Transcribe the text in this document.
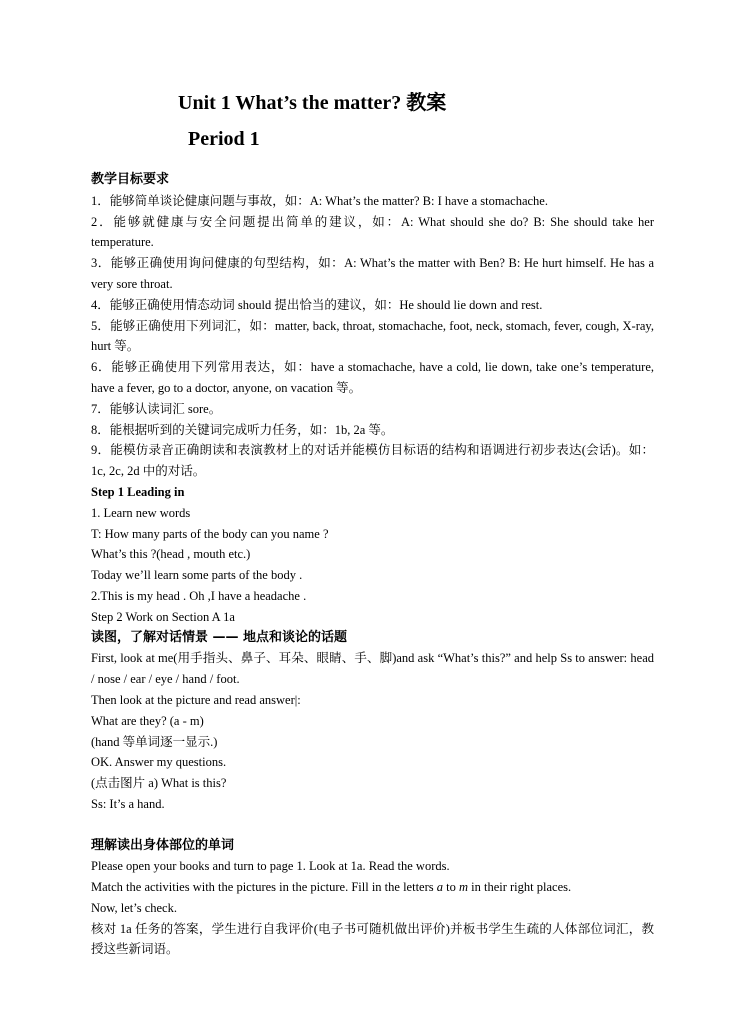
Unit 1 What’s the matter? 教案
Period 1
教学目标要求
1．能够简单谈论健康问题与事故，如：A: What’s the matter? B: I have a stomachache.
2．能够就健康与安全问题提出简单的建议，如：A: What should she do? B: She should take her temperature.
3．能够正确使用询问健康的句型结构，如：A: What’s the matter with Ben? B: He hurt himself. He has a very sore throat.
4．能够正确使用情态动词 should 提出恰当的建议，如：He should lie down and rest.
5．能够正确使用下列词汇，如：matter, back, throat, stomachache, foot, neck, stomach, fever, cough, X-ray, hurt 等。
6．能够正确使用下列常用表达，如：have a stomachache, have a cold, lie down, take one’s temperature, have a fever, go to a doctor, anyone, on vacation 等。
7．能够认读词汇 sore。
8．能根据听到的关键词完成听力任务，如：1b, 2a 等。
9．能模仿录音正确朗读和表演教材上的对话并能模仿目标语的结构和语调进行初步表达(会话)。如：1c, 2c, 2d 中的对话。
Step 1 Leading in
1. Learn new words
T: How many parts of the body can you name ?
What’s this ?(head , mouth etc.)
Today we’ll learn some parts of the body .
2.This is my head . Oh ,I have a headache .
Step 2 Work on Section A 1a
读图，了解对话情景 —— 地点和谈论的话题
First, look at me(用手指头、鼻子、耳朵、眼睛、手、脚)and ask “What’s this?” and help Ss to answer: head / nose / ear / eye / hand / foot.
Then look at the picture and read answer|:
What are they? (a - m)
(hand 等单词逐一显示.)
OK. Answer my questions.
(点击图片 a) What is this?
Ss: It’s a hand.
理解读出身体部位的单词
Please open your books and turn to page 1. Look at 1a. Read the words.
Match the activities with the pictures in the picture. Fill in the letters a to m in their right places.
Now, let’s check.
核对 1a 任务的答案，学生进行自我评价(电子书可随机做出评价)并板书学生生疏的人体部位词汇，教授这些新词语。
